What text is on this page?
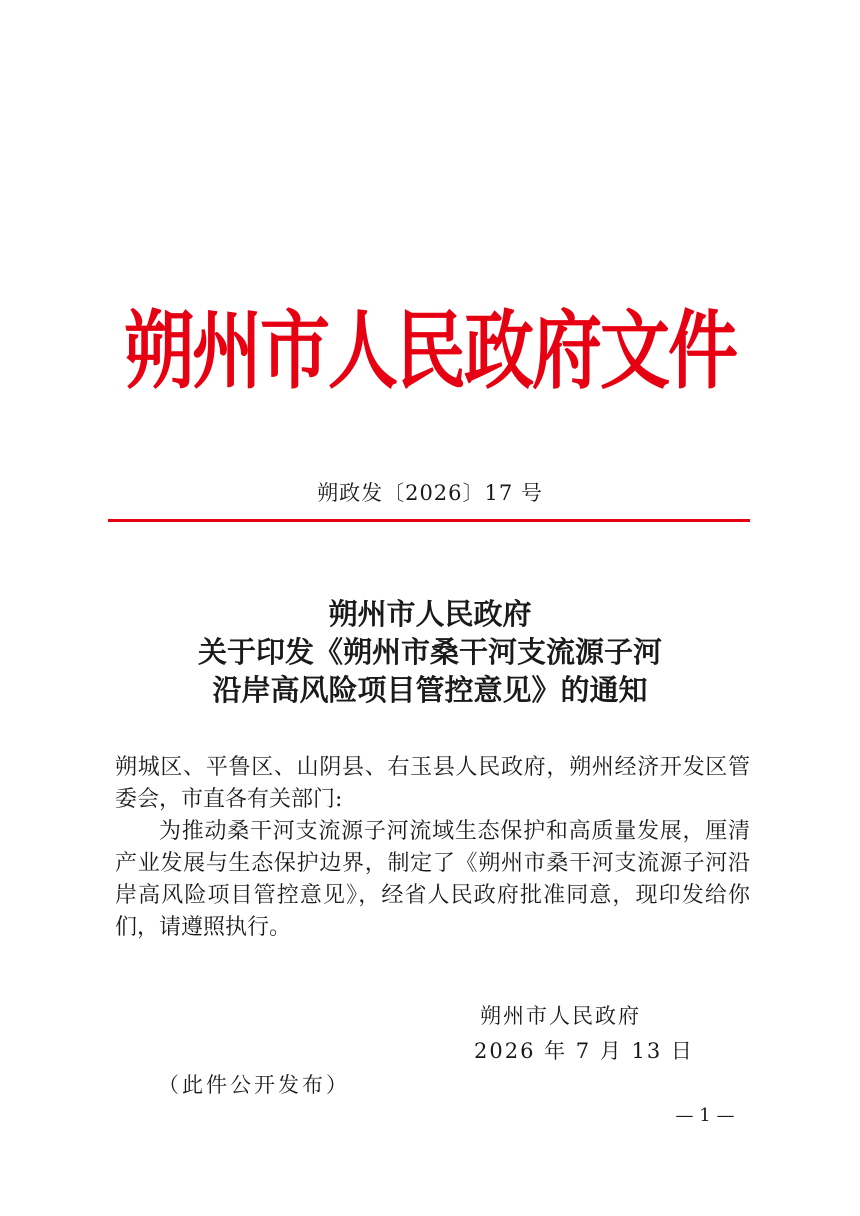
朔州市人民政府文件
朔政发〔2026〕17 号
朔州市人民政府
关于印发《朔州市桑干河支流源子河
沿岸高风险项目管控意见》的通知

朔城区、平鲁区、山阴县、右玉县人民政府，朔州经济开发区管委会，市直各有关部门:

为推动桑干河支流源子河流域生态保护和高质量发展，厘清产业发展与生态保护边界，制定了《朔州市桑干河支流源子河沿岸高风险项目管控意见》，经省人民政府批准同意，现印发给你们，请遵照执行。

朔州市人民政府
2026 年 7 月 13 日
（此件公开发布）
— 1 —
